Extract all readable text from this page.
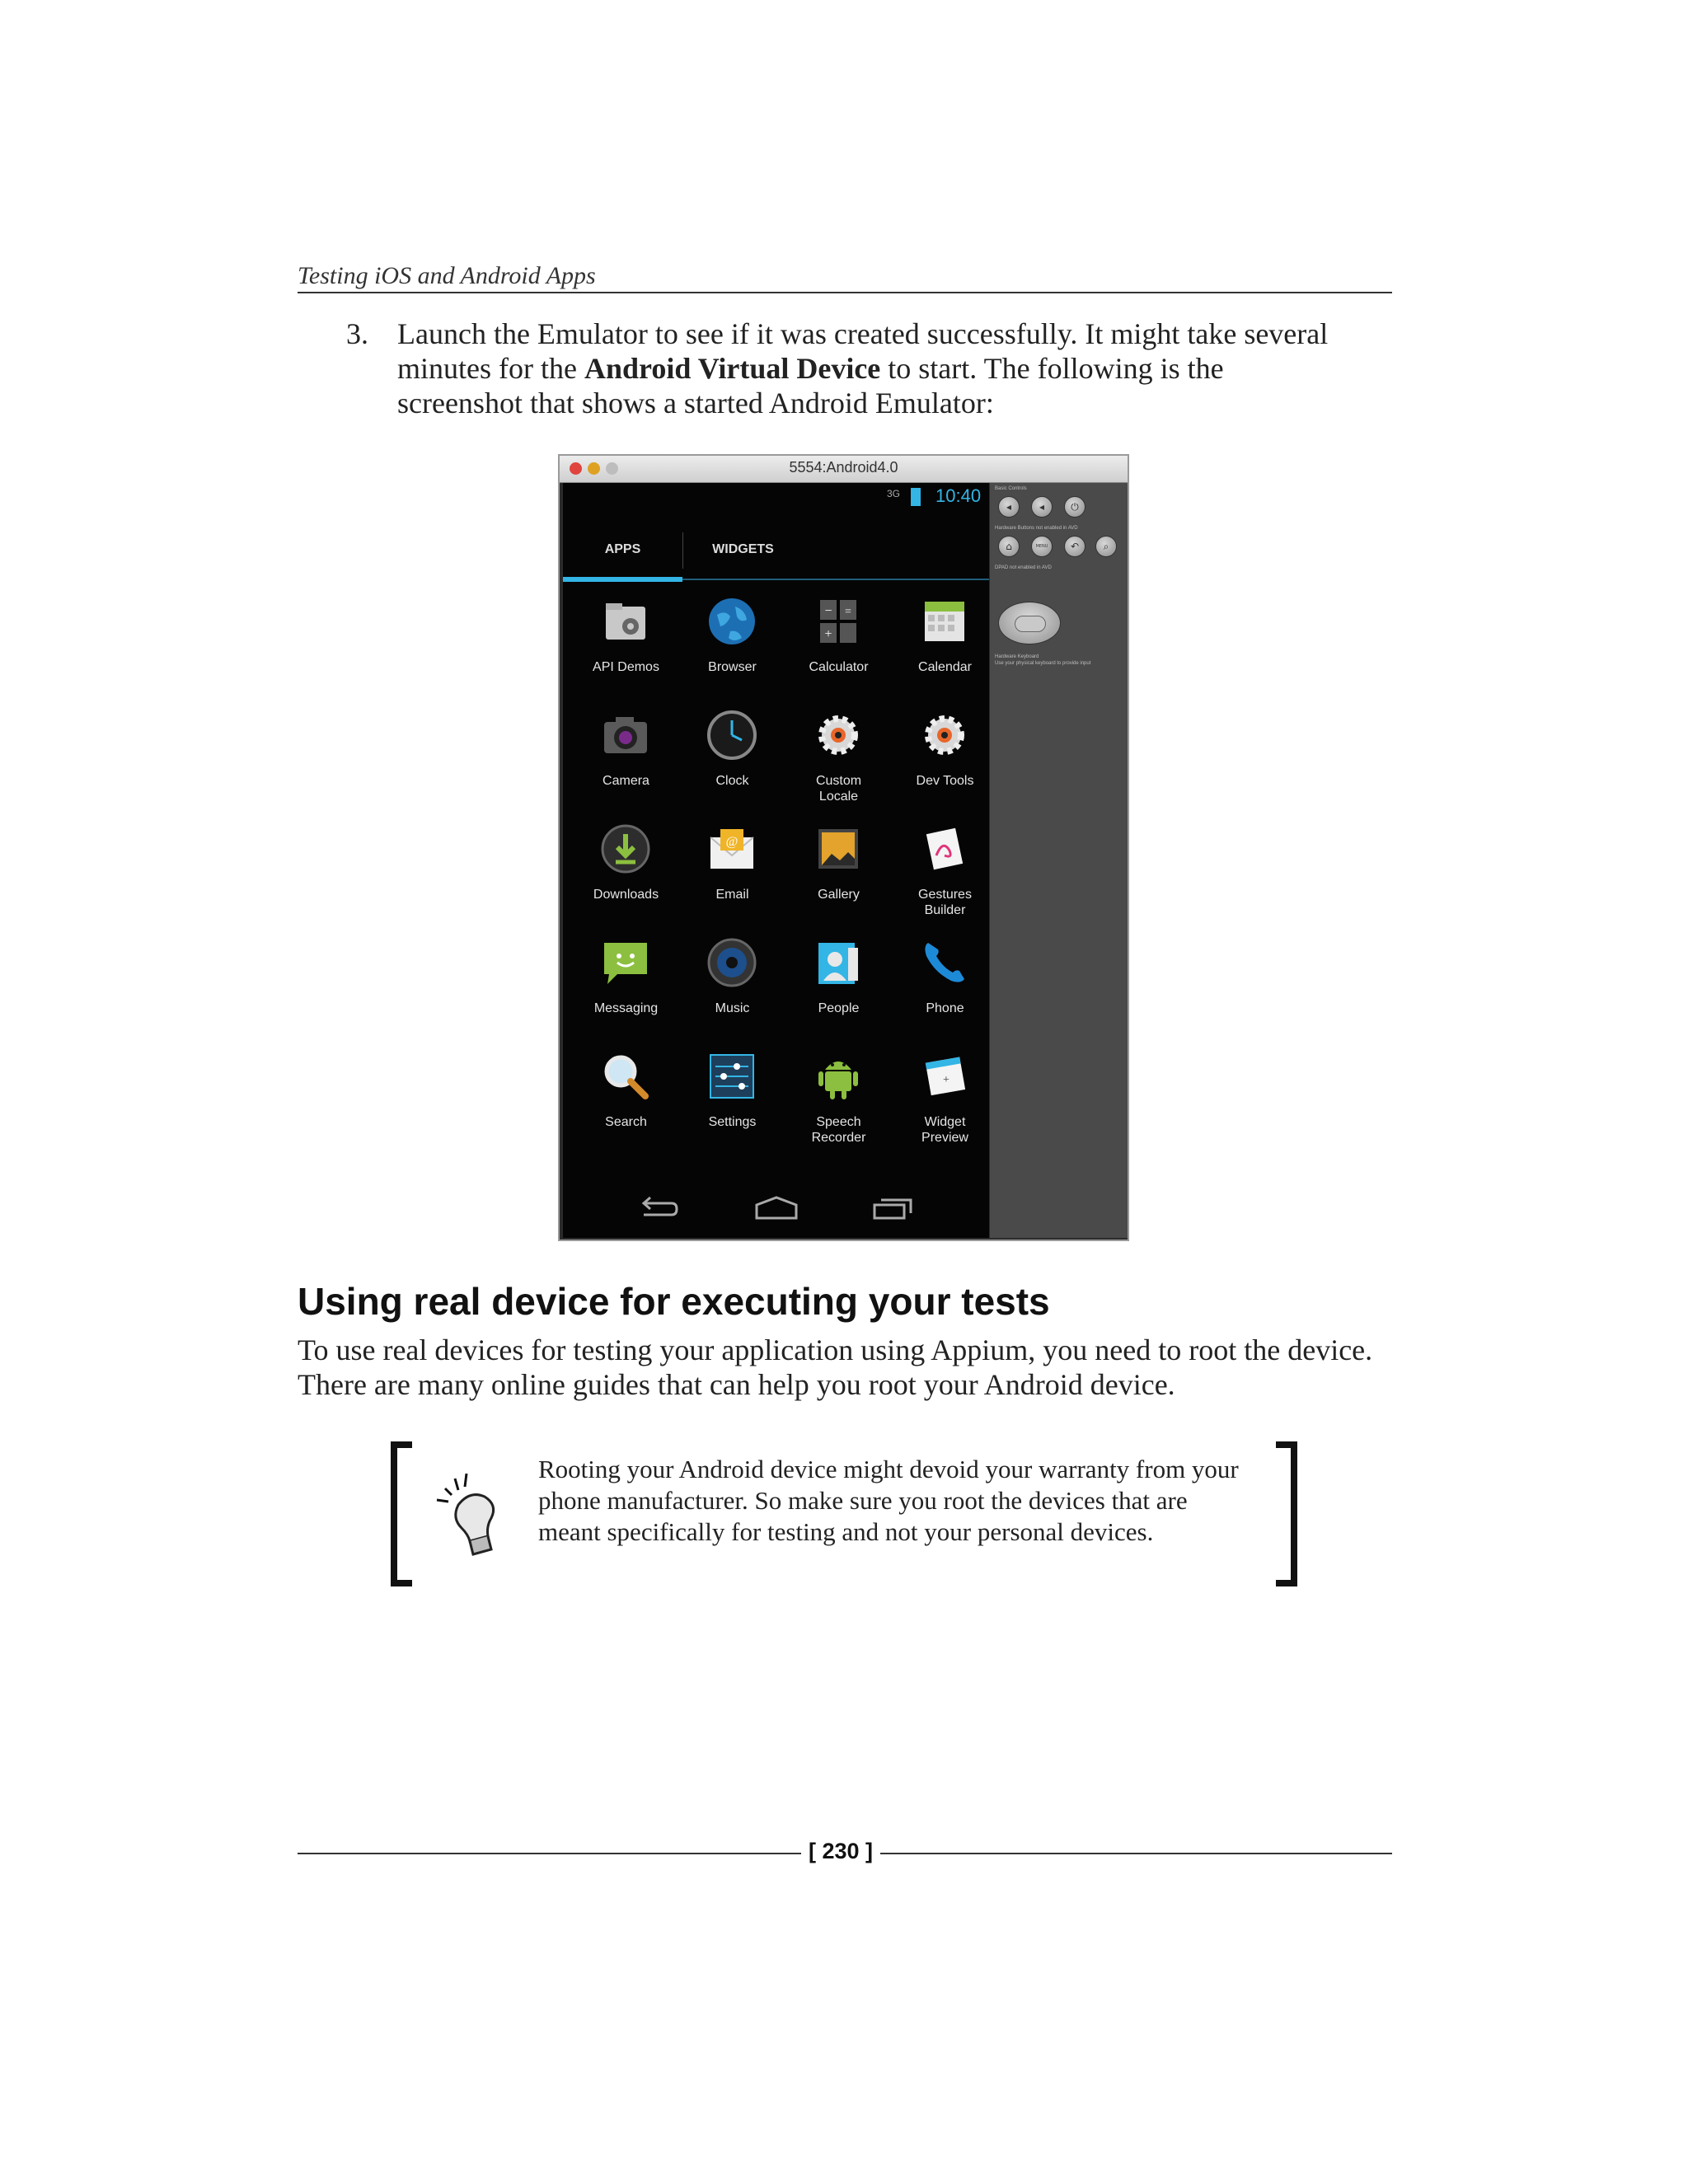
Testing iOS and Android Apps
3. Launch the Emulator to see if it was created successfully. It might take several minutes for the Android Virtual Device to start. The following is the screenshot that shows a started Android Emulator:
5554:Android4.0
3G 10:40
APPS	WIDGETS
API Demos	Browser
− =
+
Calculator	Calendar
Camera	Clock	Custom
Locale
Dev Tools
Downloads
@
Email	Gallery	Gestures
Builder
Messaging	Music	People	Phone
Search	Settings	Speech
Recorder
+
Widget
Preview
Basic Controls
◂	◂	⏻
Hardware Buttons not enabled in AVD
⌂	MENU	↶	⌕
DPAD not enabled in AVD
Hardware Keyboard
Use your physical keyboard to provide input
Using real device for executing your tests
To use real devices for testing your application using Appium, you need to root the device. There are many online guides that can help you root your Android device.
Rooting your Android device might devoid your warranty from your phone manufacturer. So make sure you root the devices that are meant specifically for testing and not your personal devices.
[ 230 ]
